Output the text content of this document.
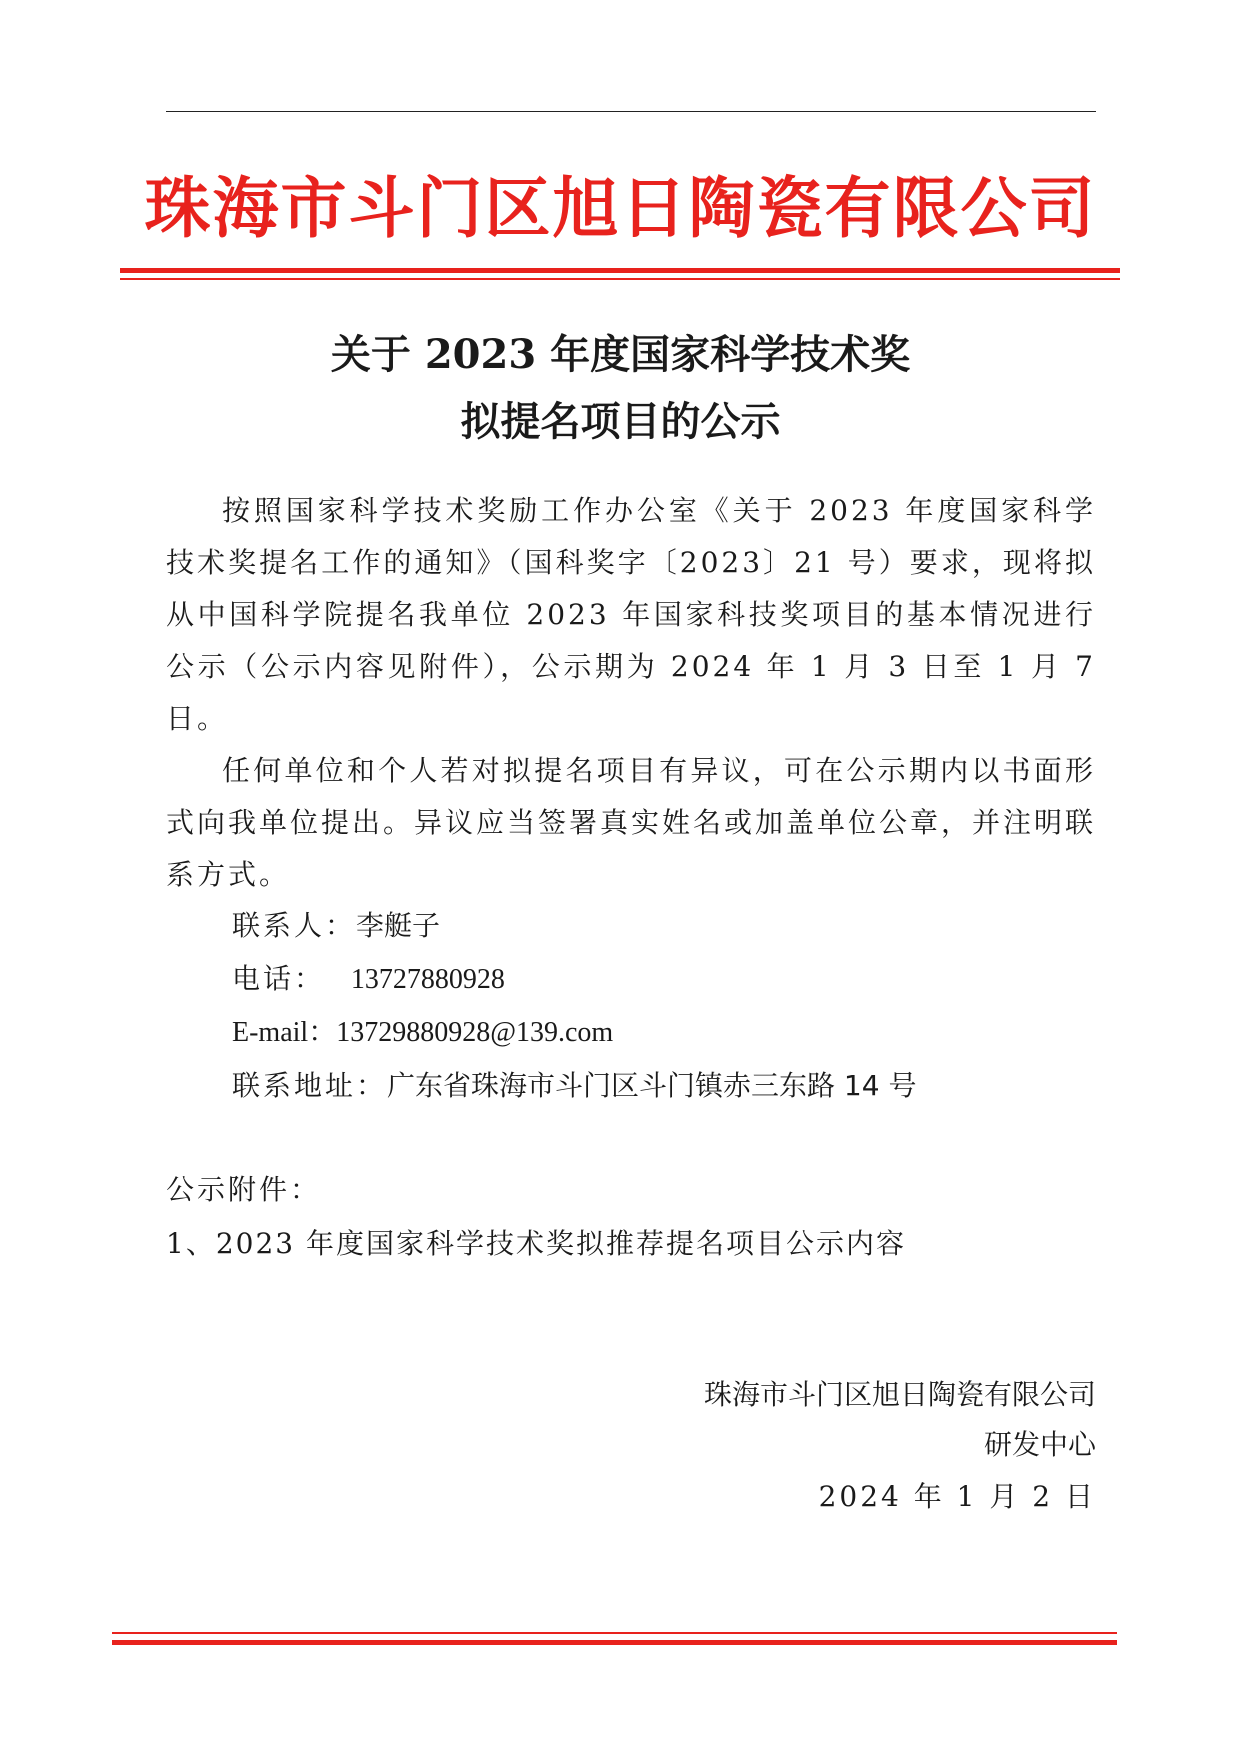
珠海市斗门区旭日陶瓷有限公司
关于 2023 年度国家科学技术奖
拟提名项目的公示
按照国家科学技术奖励工作办公室《关于 2023 年度国家科学技术奖提名工作的通知》（国科奖字〔2023〕21 号）要求，现将拟从中国科学院提名我单位 2023 年国家科技奖项目的基本情况进行公示（公示内容见附件），公示期为 2024 年 1 月 3 日至 1 月 7 日。
任何单位和个人若对拟提名项目有异议，可在公示期内以书面形式向我单位提出。异议应当签署真实姓名或加盖单位公章，并注明联系方式。
联系人：李艇子
电话： 13727880928
E-mail：13729880928@139.com
联系地址：广东省珠海市斗门区斗门镇赤三东路 14 号
公示附件：
1、2023 年度国家科学技术奖拟推荐提名项目公示内容
珠海市斗门区旭日陶瓷有限公司
研发中心
2024 年 1 月 2 日
